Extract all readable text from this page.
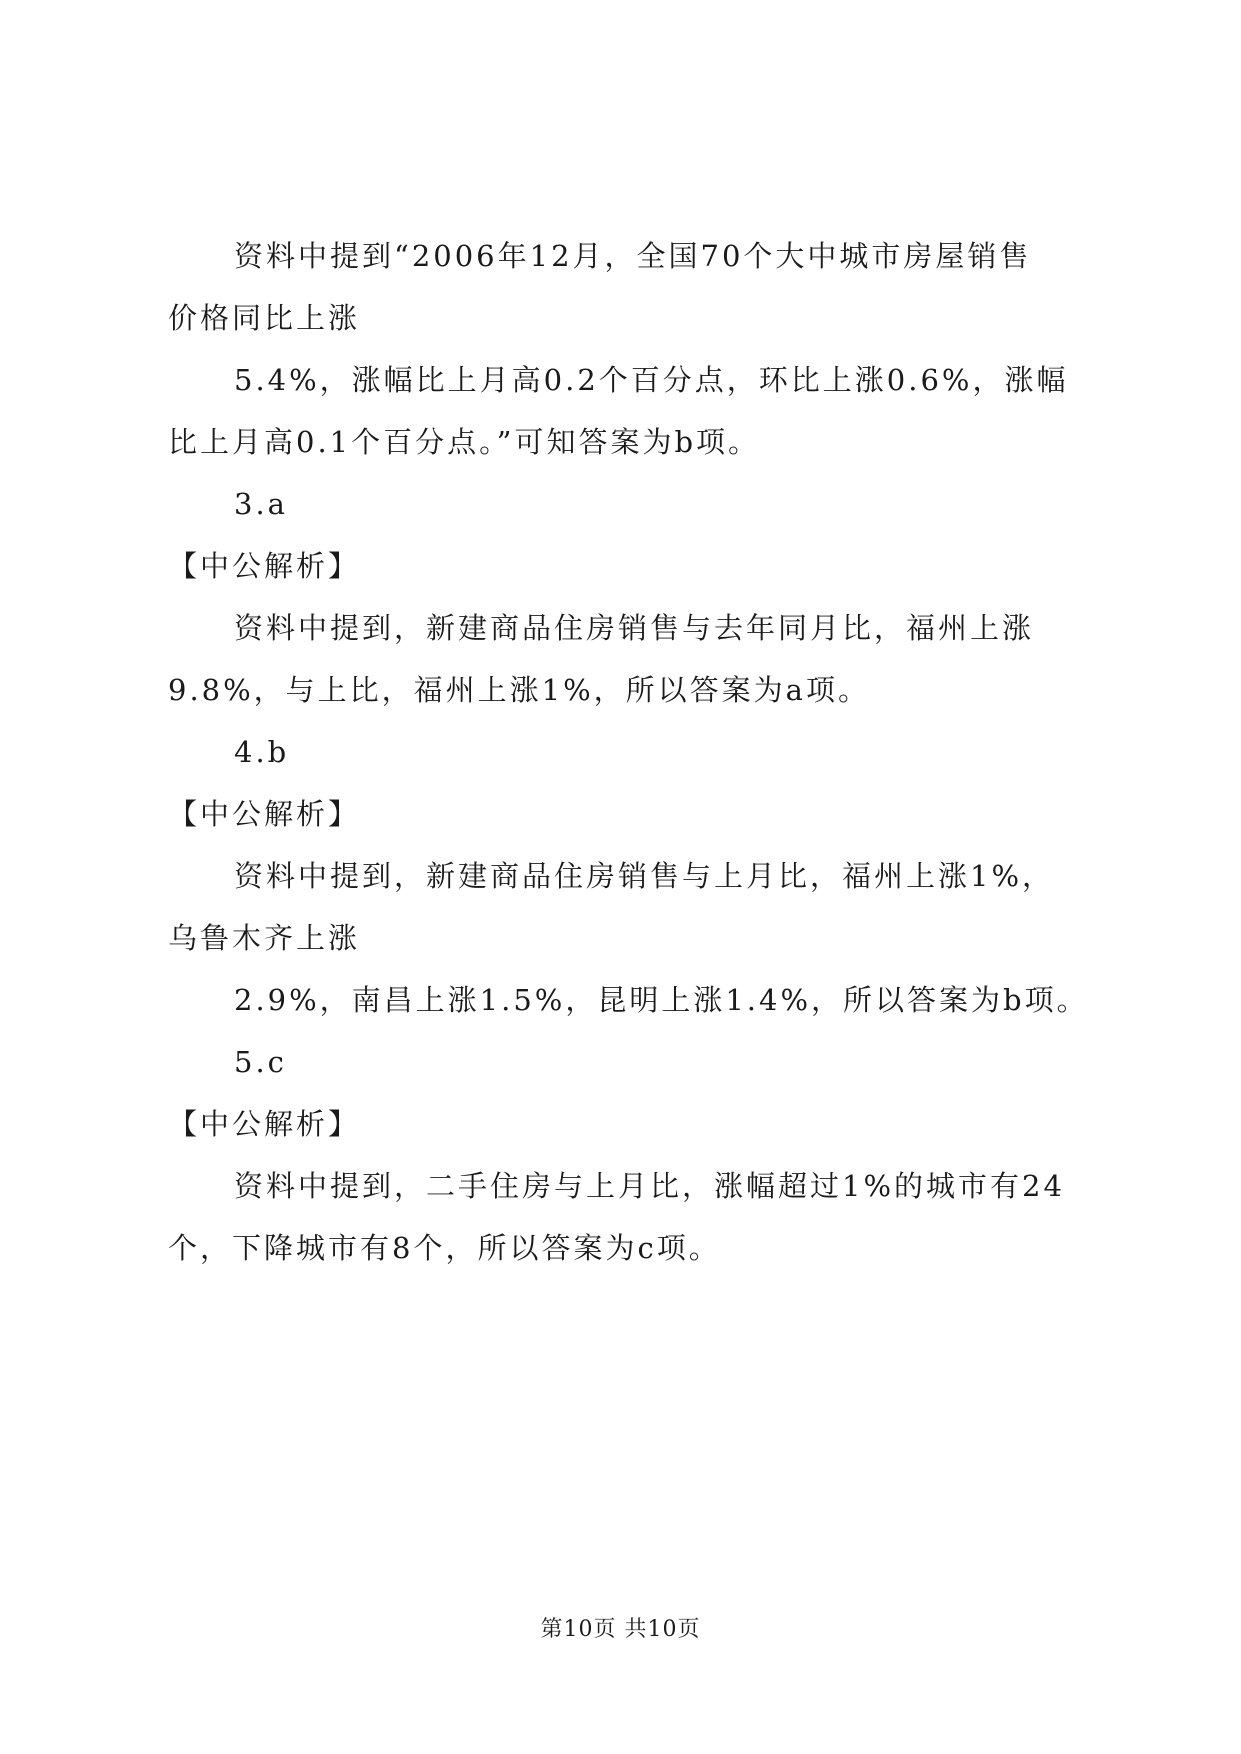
资料中提到“2006年12月，全国70个大中城市房屋销售

价格同比上涨

5.4%，涨幅比上月高0.2个百分点，环比上涨0.6%，涨幅

比上月高0.1个百分点。”可知答案为b项。

3.a

【中公解析】

资料中提到，新建商品住房销售与去年同月比，福州上涨

9.8%，与上比，福州上涨1%，所以答案为a项。

4.b

【中公解析】

资料中提到，新建商品住房销售与上月比，福州上涨1%，

乌鲁木齐上涨

2.9%，南昌上涨1.5%，昆明上涨1.4%，所以答案为b项。

5.c

【中公解析】

资料中提到，二手住房与上月比，涨幅超过1%的城市有24

个，下降城市有8个，所以答案为c项。

第10页 共10页
